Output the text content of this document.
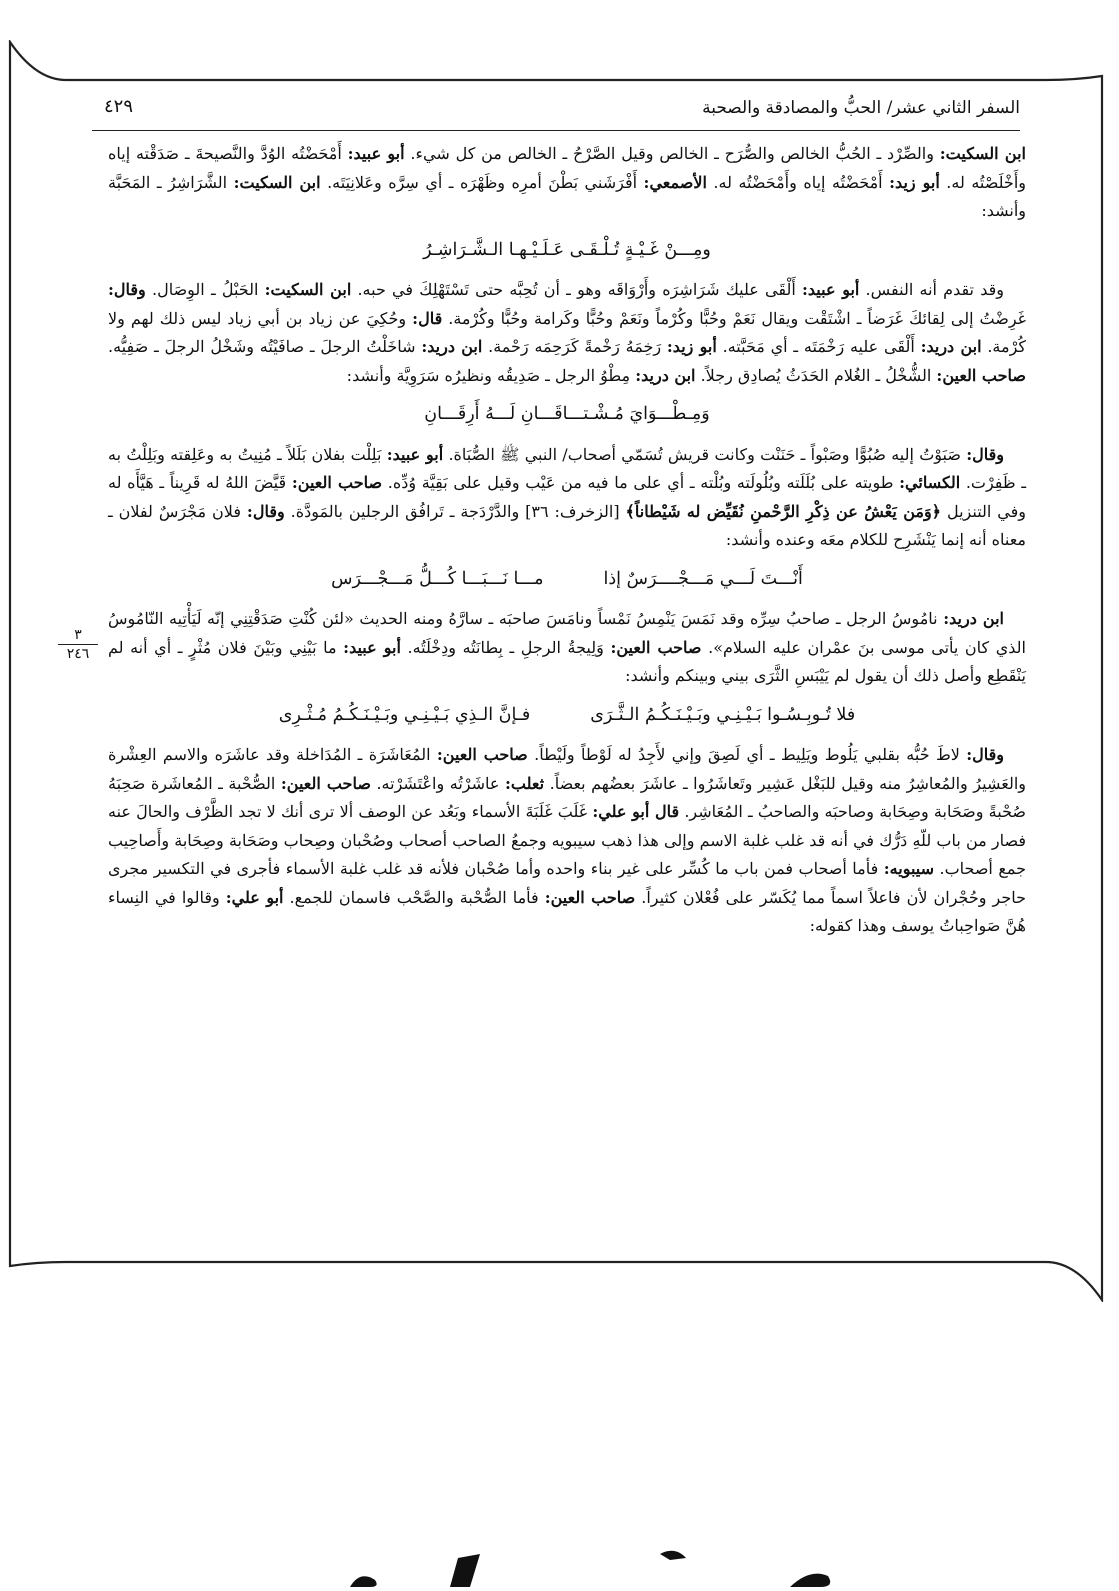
السفر الثاني عشر/ الحبُّ والمصادقة والصحبة
٤٢٩
٣
٢٤٦

ابن السكيت: والصِّرْد ـ الحُبُّ الخالص والصُّرَح ـ الخالص وقيل الصَّرْحُ ـ الخالص من كل شيء. أبو عبيد: أَمْحَضْتُه الوُدَّ والنَّصيحةَ ـ صَدَقْته إياه وأَخْلَصْتُه له. أبو زيد: أَمْحَضْتُه إياه وأَمْحَضْتُه له. الأصمعي: أَفْرَشَني بَطْنَ أمرِه وظَهْرَه ـ أي سِرَّه وعَلانِيَتَه. ابن السكيت: الشَّرَاشِرُ ـ المَحَبَّة وأنشد:

ومِـــنْ غَـيْـةٍ تُـلْـقَـى عَـلَـيْـهـا الـشَّـرَاشِـرُ

وقد تقدم أنه النفس. أبو عبيد: أَلْقَى عليك شَرَاشِرَه وأَرْوَاقَه وهو ـ أن تُحِبَّه حتى تَسْتَهْلِكَ في حبه. ابن السكيت: الحَبْلُ ـ الوِصَال. وقال: غَرِضْتُ إلى لِقائكَ غَرَضاً ـ اشْتَقْت ويقال نَعَمْ وحُبًّا وكُرْماً ونَعَمْ وحُبًّا وكَرامة وحُبًّا وكُرْمة. قال: وحُكِيَ عن زياد بن أبي زياد ليس ذلك لهم ولا كُرْمة. ابن دريد: أَلْقَى عليه رَخْمَتَه ـ أي مَحَبَّته. أبو زيد: رَخِمَهُ رَخْمةً كَرَحِمَه رَحْمة. ابن دريد: شاخَلْتُ الرجلَ ـ صافَيْتُه وشَخْلُ الرجلَ ـ صَفِيُّه. صاحب العين: الشُّخْلُ ـ الغُلام الحَدَثُ يُصادِق رجلاً. ابن دريد: مِطْوُ الرجل ـ صَدِيقُه ونظيرُه سَرَوِيَّة وأنشد:

وَمِـطْـــوَايَ مُـشْـتـــاقَـــانِ لَـــهُ أَرِقَـــانِ

وقال: صَبَوْتُ إليه صُبُوًّا وصَبْواً ـ حَنَنْت وكانت قريش تُسَمّي أصحاب/ النبي ﷺ الصُّبَاة. أبو عبيد: بَلِلْت بفلان بَلَلاً ـ مُنِيتُ به وعَلِقته وبَلِلْتُ به ـ ظَفِرْت. الكسائي: طويته على بُلَلَته وبُلُولَته وبُلْته ـ أي على ما فيه من عَيْب وقيل على بَقِيَّة وُدِّه. صاحب العين: قَيَّضَ اللهُ له قَرِيناً ـ هَيَّأَه له وفي التنزيل ﴿وَمَن يَعْشُ عن ذِكْرِ الرَّحْمنِ نُقَيِّض له شَيْطاناً﴾ [الزخرف: ٣٦] والدَّرْدَجة ـ تَرافُق الرجلين بالمَودَّة. وقال: فلان مَجْرَسٌ لفلان ـ معناه أنه إنما يَنْشَرِح للكلام معَه وعنده وأنشد:

أَنْـــتَ لَـــي مَـــجْــــرَسٌ إذا
مـــا نَـــبَـــا كُـــلُّ مَـــجْـــرَس

ابن دريد: نامُوسُ الرجل ـ صاحبُ سِرِّه وقد نَمَسَ يَنْمِسُ نَمْساً ونامَسَ صاحبَه ـ سارَّهُ ومنه الحديث «لئن كُنْتِ صَدَقْتِنِي إنّه لَيَأْتِيه النّامُوسُ الذي كان يأتى موسى بنَ عمْران عليه السلام». صاحب العين: وَلِيجةُ الرجلِ ـ بِطانَتُه ودِخْلَتُه. أبو عبيد: ما بَيْنِي وبَيْنَ فلان مُثْرٍ ـ أي أنه لم يَنْقَطِع وأصل ذلك أن يقول لم يَيْبَسِ الثَّرَى بيني وبينكم وأنشد:

فلا تُـوبِـسُـوا بَـيْـنِـي وبَـيْـنَـكُـمُ الـثَّـرَى
فـإنَّ الـذِي بَـيْـنِـي وبَـيْـنَـكُـمُ مُـثْـرِى

وقال: لاطَ حُبُّه بقلبي يَلُوط ويَلِيط ـ أي لَصِقَ وإني لأَجِدُ له لَوْطاً ولَيْطاً. صاحب العين: المُعَاشَرَة ـ المُدَاخلة وقد عاشَرَه والاسم العِشْرة والعَشِيرُ والمُعاشِرُ منه وقيل للبَغْل عَشِير وتَعاشَرُوا ـ عاشَرَ بعضُهم بعضاً. ثعلب: عاشَرْتُه واعْتَشَرْته. صاحب العين: الصُّحْبة ـ المُعاشَرة صَحِبَهُ صُحْبةً وصَحَابة وصِحَابة وصاحبَه والصاحبُ ـ المُعَاشِر. قال أبو علي: غَلَبَ غَلَبَةَ الأسماء وبَعُد عن الوصف ألا ترى أنك لا تجد الظَّرْف والحالَ عنه فصار من باب للّهِ دَرُّك في أنه قد غلب غلبة الاسم وإلى هذا ذهب سيبويه وجمعُ الصاحب أصحاب وصُحْبان وصِحاب وصَحَابة وصِحَابة وأَصاحِيب جمع أصحاب. سيبويه: فأما أصحاب فمن باب ما كُسِّر على غير بناء واحده وأما صُحْبان فلأنه قد غلب غلبة الأسماء فأجرى في التكسير مجرى حاجر وحُجْران لأن فاعلاً اسماً مما يُكَسّر على فُعْلان كثيراً. صاحب العين: فأما الصُّحْبة والصَّحْب فاسمان للجمع. أبو علي: وقالوا في النِساء هُنَّ صَواحِباتُ يوسف وهذا كقوله:
